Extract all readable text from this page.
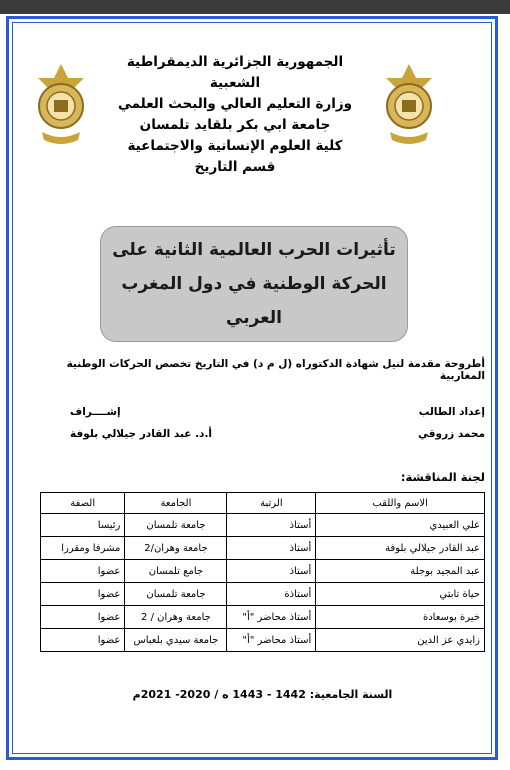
الجمهورية الجزائرية الديمقراطية الشعبية
وزارة التعليم العالي والبحث العلمي
جامعة ابي بكر بلقايد تلمسان
كلية العلوم الإنسانية والاجتماعية
قسم التاريخ
تأثيرات الحرب العالمية الثانية على
الحركة الوطنية في دول المغرب العربي
أطروحة مقدمة لنيل شهادة الدكتوراه (ل م د) في التاريخ تخصص الحركات الوطنية المغاربية
إعداد الطالب
إشــــراف
محمد زروقي
أ.د. عبد القادر جيلالي بلوفة
لجنة المناقشة:
الاسم واللقب	الرتبة	الجامعة	الصفة
علي العبيدي	أستاذ	جامعة تلمسان	رئيسا
عبد القادر جيلالي بلوفة	أستاذ	جامعة وهران/2	مشرفا ومقررا
عبد المجيد بوجلة	أستاذ	جامع تلمسان	عضوا
حياة تابتي	أستاذة	جامعة تلمسان	عضوا
خيرة بوسعادة	أستاذ محاضر "أ"	جامعة وهران / 2	عضوا
زايدي عز الدين	أستاذ محاضر "أ"	جامعة سيدي بلعباس	عضوا
السنة الجامعية: 1442 - 1443 ه / 2020- 2021م
